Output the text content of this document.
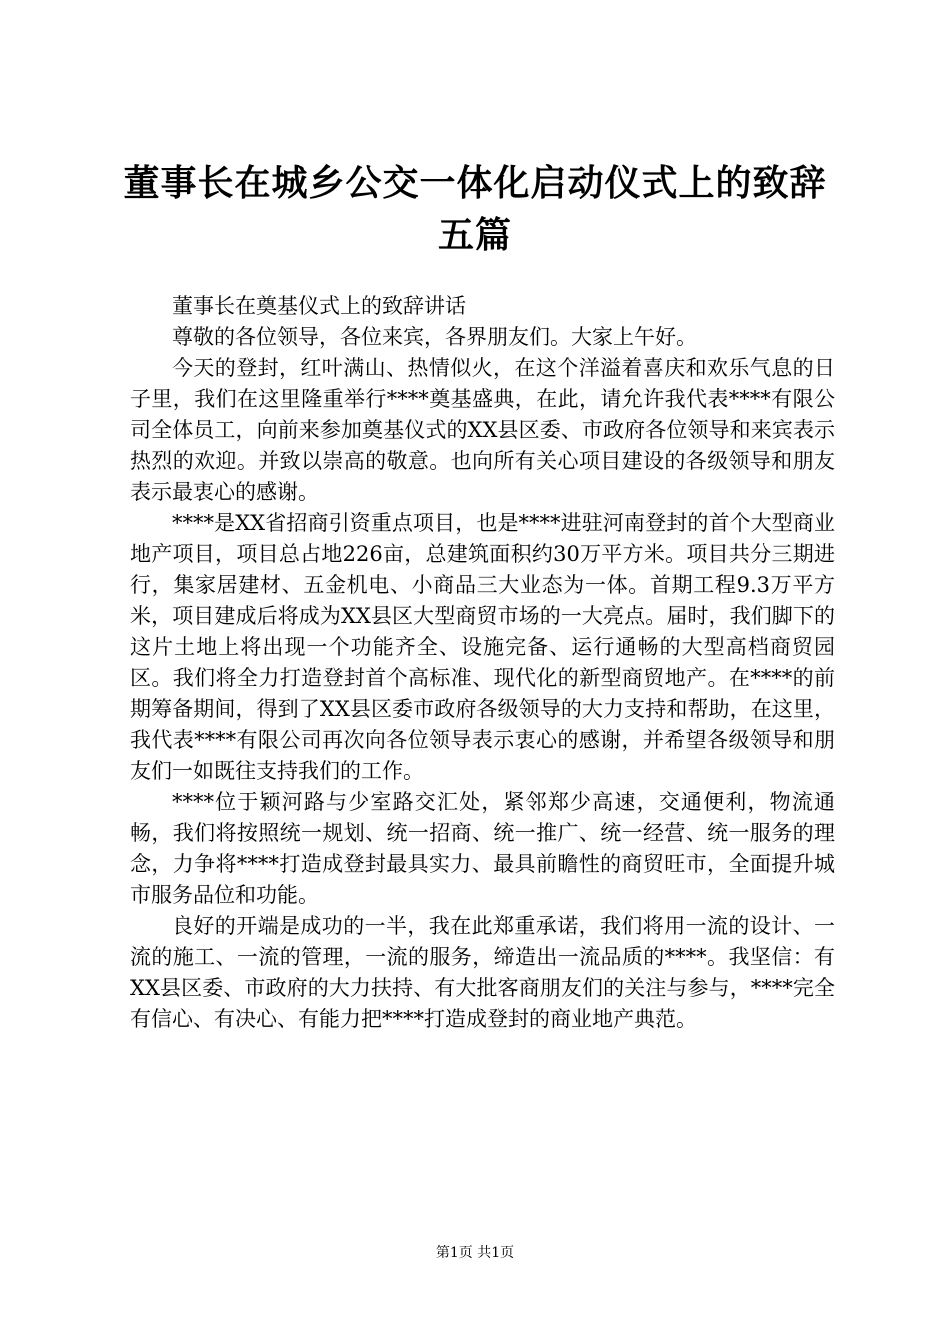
董事长在城乡公交一体化启动仪式上的致辞五篇

董事长在奠基仪式上的致辞讲话

尊敬的各位领导，各位来宾，各界朋友们。大家上午好。

今天的登封，红叶满山、热情似火，在这个洋溢着喜庆和欢乐气息的日子里，我们在这里隆重举行****奠基盛典，在此，请允许我代表****有限公司全体员工，向前来参加奠基仪式的XX县区委、市政府各位领导和来宾表示热烈的欢迎。并致以崇高的敬意。也向所有关心项目建设的各级领导和朋友表示最衷心的感谢。

****是XX省招商引资重点项目，也是****进驻河南登封的首个大型商业地产项目，项目总占地226亩，总建筑面积约30万平方米。项目共分三期进行，集家居建材、五金机电、小商品三大业态为一体。首期工程9.3万平方米，项目建成后将成为XX县区大型商贸市场的一大亮点。届时，我们脚下的这片土地上将出现一个功能齐全、设施完备、运行通畅的大型高档商贸园区。我们将全力打造登封首个高标准、现代化的新型商贸地产。在****的前期筹备期间，得到了XX县区委市政府各级领导的大力支持和帮助，在这里，我代表****有限公司再次向各位领导表示衷心的感谢，并希望各级领导和朋友们一如既往支持我们的工作。

****位于颖河路与少室路交汇处，紧邻郑少高速，交通便利，物流通畅，我们将按照统一规划、统一招商、统一推广、统一经营、统一服务的理念，力争将****打造成登封最具实力、最具前瞻性的商贸旺市，全面提升城市服务品位和功能。

良好的开端是成功的一半，我在此郑重承诺，我们将用一流的设计、一流的施工、一流的管理，一流的服务，缔造出一流品质的****。我坚信：有XX县区委、市政府的大力扶持、有大批客商朋友们的关注与参与，****完全有信心、有决心、有能力把****打造成登封的商业地产典范。

第1页 共1页
